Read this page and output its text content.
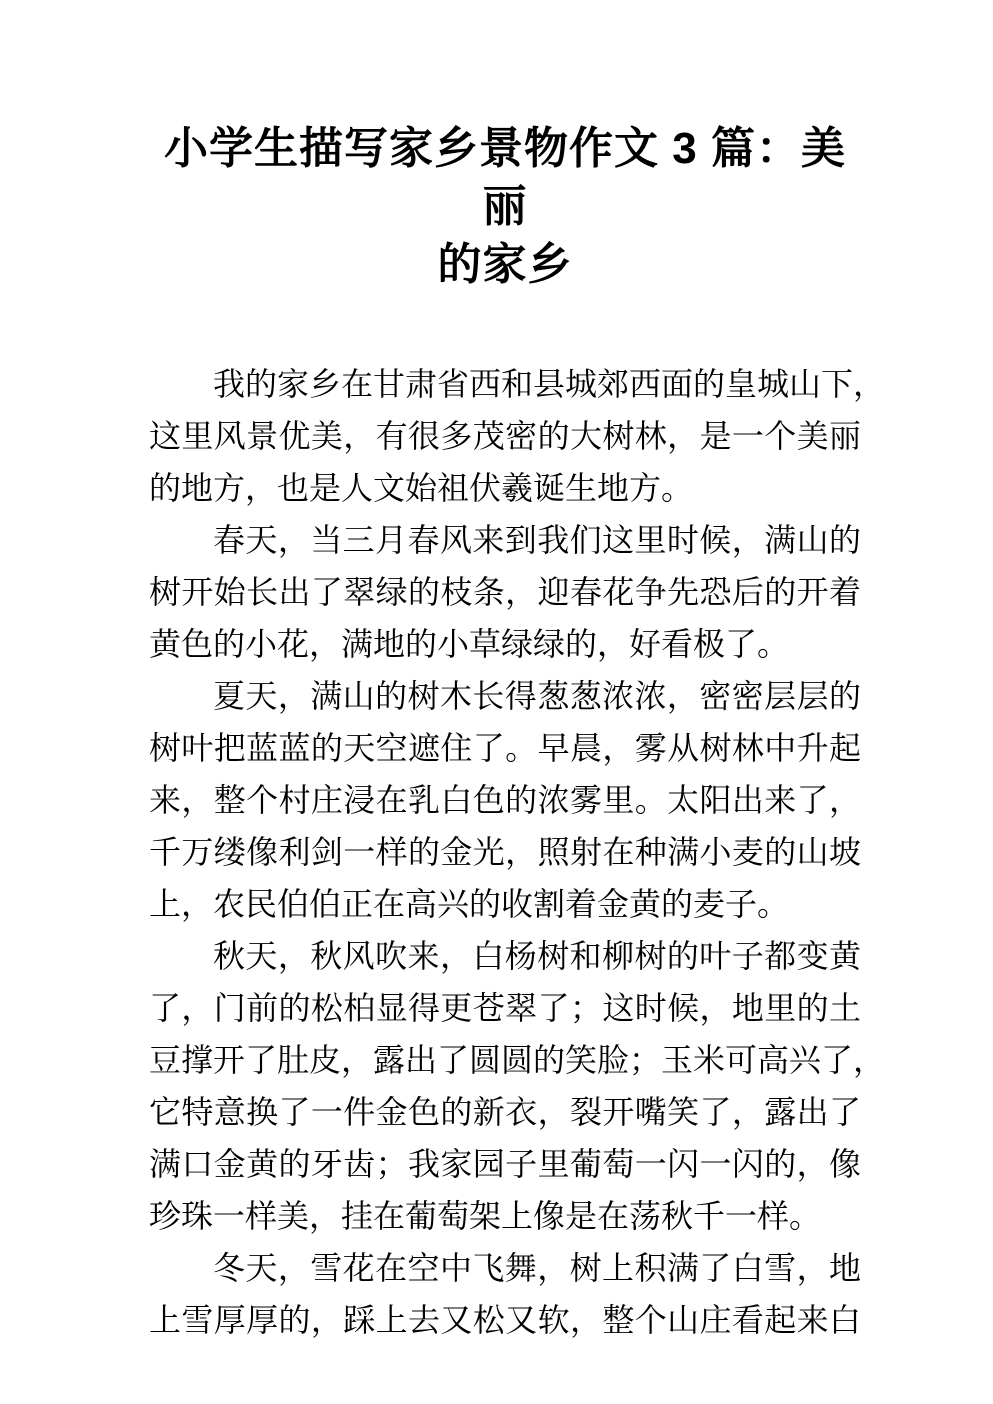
小学生描写家乡景物作文 3 篇：美丽
的家乡
我的家乡在甘肃省西和县城郊西面的皇城山下，
这里风景优美，有很多茂密的大树林，是一个美丽
的地方，也是人文始祖伏羲诞生地方。
春天，当三月春风来到我们这里时候，满山的
树开始长出了翠绿的枝条，迎春花争先恐后的开着
黄色的小花，满地的小草绿绿的，好看极了。
夏天，满山的树木长得葱葱浓浓，密密层层的
树叶把蓝蓝的天空遮住了。早晨，雾从树林中升起
来，整个村庄浸在乳白色的浓雾里。太阳出来了，
千万缕像利剑一样的金光，照射在种满小麦的山坡
上，农民伯伯正在高兴的收割着金黄的麦子。
秋天，秋风吹来，白杨树和柳树的叶子都变黄
了，门前的松柏显得更苍翠了；这时候，地里的土
豆撑开了肚皮，露出了圆圆的笑脸；玉米可高兴了，
它特意换了一件金色的新衣，裂开嘴笑了，露出了
满口金黄的牙齿；我家园子里葡萄一闪一闪的，像
珍珠一样美，挂在葡萄架上像是在荡秋千一样。
冬天，雪花在空中飞舞，树上积满了白雪，地
上雪厚厚的，踩上去又松又软，整个山庄看起来白
